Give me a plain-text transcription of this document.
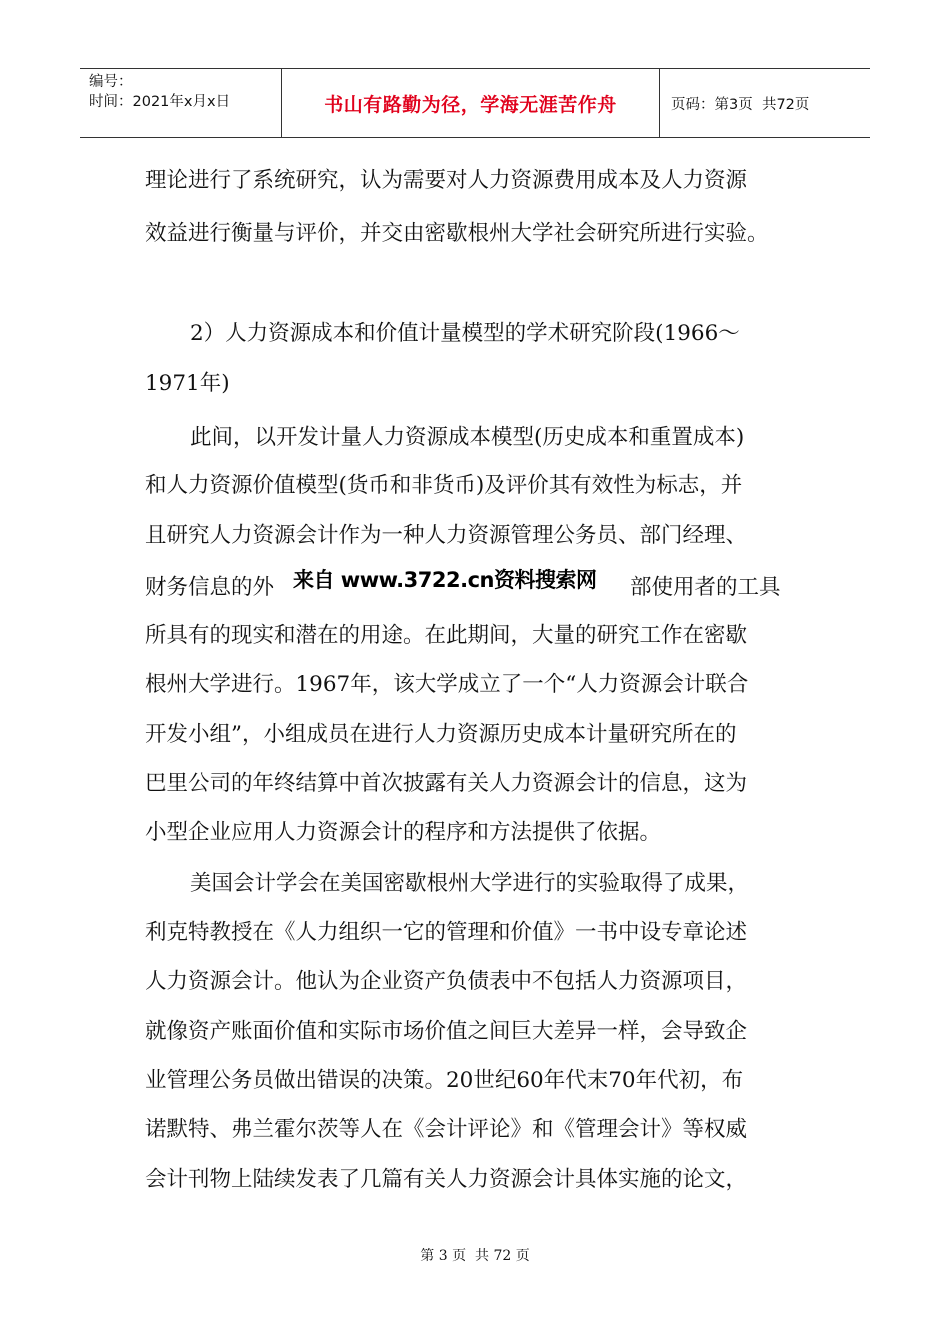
编号：
时间：2021年x月x日	书山有路勤为径，学海无涯苦作舟	页码：第3页  共72页
理论进行了系统研究，认为需要对人力资源费用成本及人力资源
效益进行衡量与评价，并交由密歇根州大学社会研究所进行实验。
2）人力资源成本和价值计量模型的学术研究阶段(1966～
1971年)
此间，以开发计量人力资源成本模型(历史成本和重置成本)
和人力资源价值模型(货币和非货币)及评价其有效性为标志，并
且研究人力资源会计作为一种人力资源管理公务员、部门经理、
财务信息的外 来自 www.3722.cn资料搜索网 部使用者的工具
所具有的现实和潜在的用途。在此期间，大量的研究工作在密歇
根州大学进行。1967年，该大学成立了一个“人力资源会计联合
开发小组”，小组成员在进行人力资源历史成本计量研究所在的
巴里公司的年终结算中首次披露有关人力资源会计的信息，这为
小型企业应用人力资源会计的程序和方法提供了依据。
美国会计学会在美国密歇根州大学进行的实验取得了成果，
利克特教授在《人力组织一它的管理和价值》一书中设专章论述
人力资源会计。他认为企业资产负债表中不包括人力资源项目，
就像资产账面价值和实际市场价值之间巨大差异一样，会导致企
业管理公务员做出错误的决策。20世纪60年代末70年代初，布
诺默特、弗兰霍尔茨等人在《会计评论》和《管理会计》等权威
会计刊物上陆续发表了几篇有关人力资源会计具体实施的论文，
第 3 页  共 72 页
